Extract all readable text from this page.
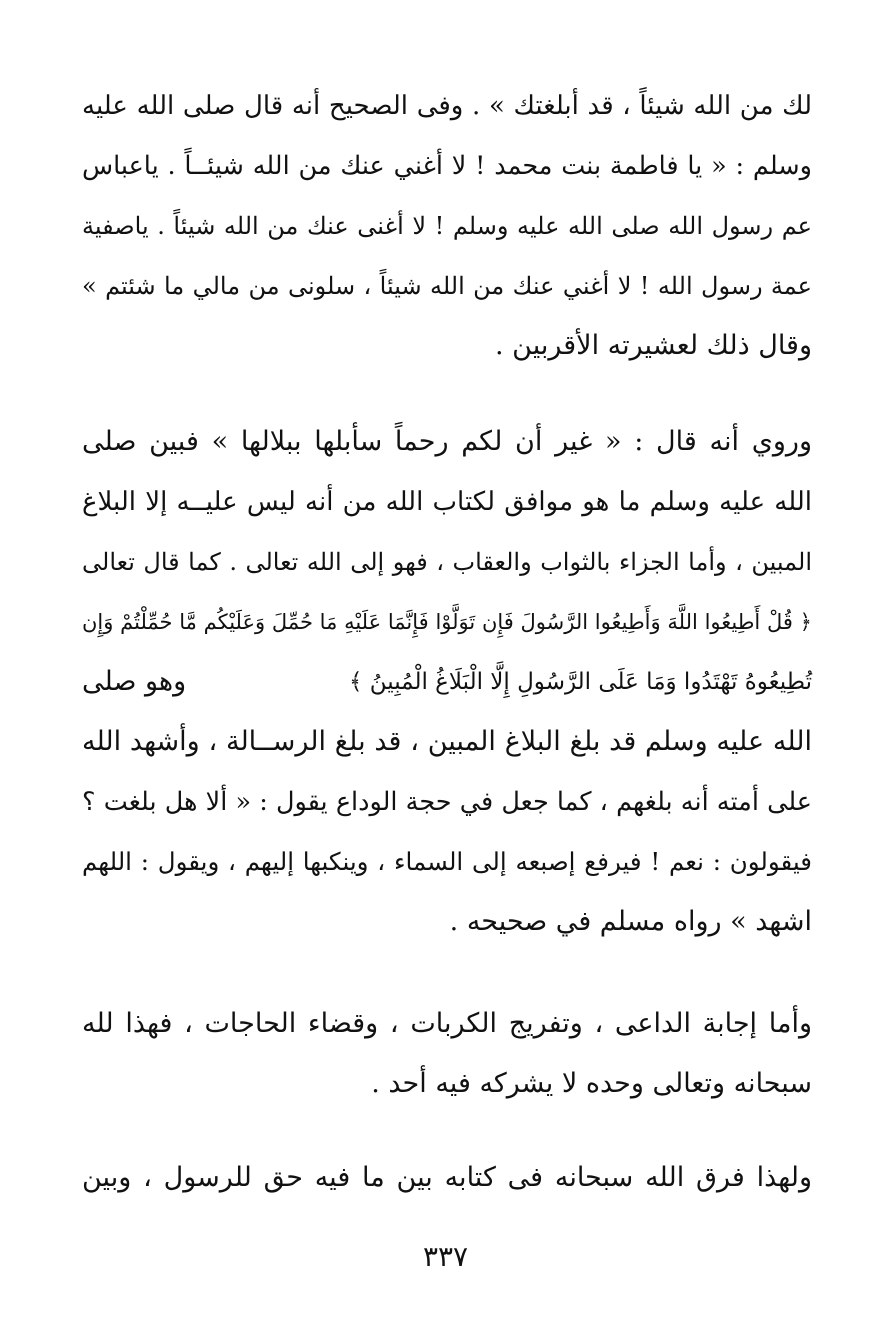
لك من الله شيئاً ، قد أبلغتك » . وفى الصحيح أنه قال صلى الله عليه
وسلم : « يا فاطمة بنت محمد ! لا أغني عنك من الله شيئــاً . ياعباس
عم رسول الله صلى الله عليه وسلم ! لا أغنى عنك من الله شيئاً . ياصفية
عمة رسول الله ! لا أغني عنك من الله شيئاً ، سلونى من مالي ما شئتم »
وقال ذلك لعشيرته الأقربين .
وروي أنه قال : « غير أن لكم رحماً سأبلها ببلالها » فبين صلى
الله عليه وسلم ما هو موافق لكتاب الله من أنه ليس عليــه إلا البلاغ
المبين ، وأما الجزاء بالثواب والعقاب ، فهو إلى الله تعالى . كما قال تعالى
﴿ قُلْ أَطِيعُوا اللَّهَ وَأَطِيعُوا الرَّسُولَ فَإِن تَوَلَّوْا فَإِنَّمَا عَلَيْهِ مَا حُمِّلَ وَعَلَيْكُم مَّا حُمِّلْتُمْ وَإِن
تُطِيعُوهُ تَهْتَدُوا وَمَا عَلَى الرَّسُولِ إِلَّا الْبَلَاغُ الْمُبِينُ ﴾
وهو صلى
الله عليه وسلم قد بلغ البلاغ المبين ، قد بلغ الرســالة ، وأشهد الله
على أمته أنه بلغهم ، كما جعل في حجة الوداع يقول : « ألا هل بلغت ؟
فيقولون : نعم ! فيرفع إصبعه إلى السماء ، وينكبها إليهم ، ويقول : اللهم
اشهد » رواه مسلم في صحيحه .
وأما إجابة الداعى ، وتفريج الكربات ، وقضاء الحاجات ، فهذا لله
سبحانه وتعالى وحده لا يشركه فيه أحد .
ولهذا فرق الله سبحانه فى كتابه بين ما فيه حق للرسول ، وبين
٣٣٧
